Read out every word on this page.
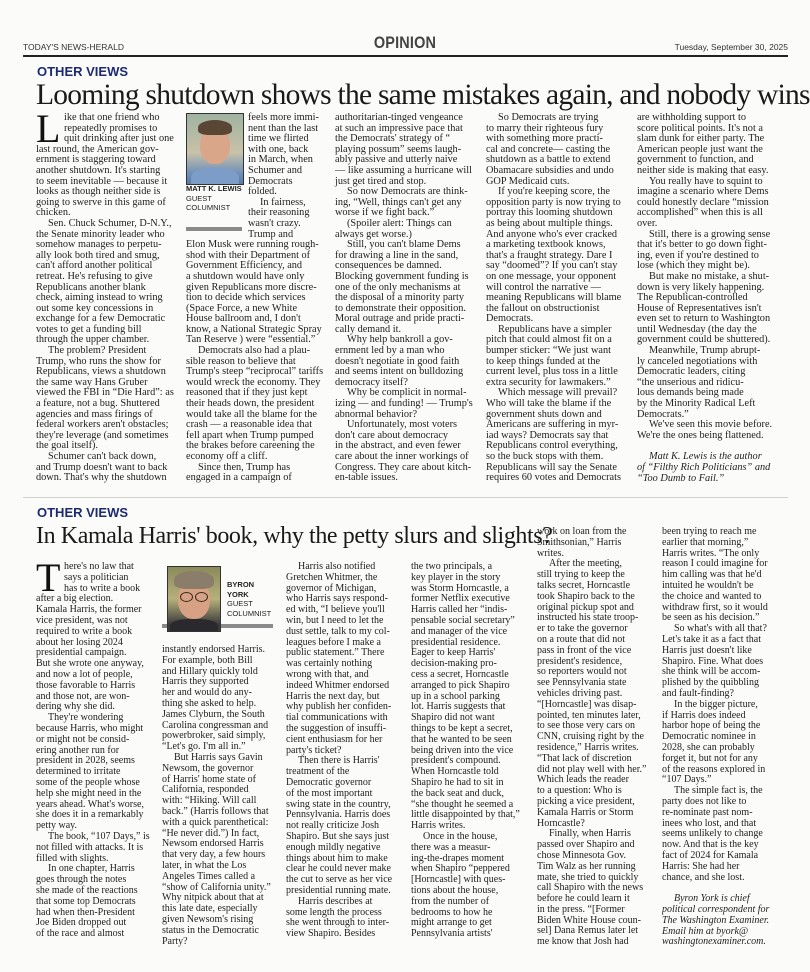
TODAY'S NEWS-HERALD	OPINION	Tuesday, September 30, 2025
OTHER VIEWS
Looming shutdown shows the same mistakes again, and nobody wins
MATT K. LEWIS
GUEST
COLUMNIST
L ike that one friend who
repeatedly promises to
quit drinking after just one
last round, the American gov-
ernment is staggering toward
another shutdown. It's starting
to seem inevitable — because it
looks as though neither side is
going to swerve in this game of
chicken.
Sen. Chuck Schumer, D-N.Y.,
the Senate minority leader who
somehow manages to perpetu-
ally look both tired and smug,
can't afford another political
retreat. He's refusing to give
Republicans another blank
check, aiming instead to wring
out some key concessions in
exchange for a few Democratic
votes to get a funding bill
through the upper chamber.
The problem? President
Trump, who runs the show for
Republicans, views a shutdown
the same way Hans Gruber
viewed the FBI in “Die Hard”: as
a feature, not a bug. Shuttered
agencies and mass firings of
federal workers aren't obstacles;
they're leverage (and sometimes
the goal itself).
Schumer can't back down,
and Trump doesn't want to back
down. That's why the shutdown
feels more immi-
nent than the last
time we flirted
with one, back
in March, when
Schumer and
Democrats
folded.
In fairness,
their reasoning
wasn't crazy.
Trump and
Elon Musk were running rough-
shod with their Department of
Government Efficiency, and
a shutdown would have only
given Republicans more discre-
tion to decide which services
(Space Force, a new White
House ballroom and, I don't
know, a National Strategic Spray
Tan Reserve ) were “essential.”
Democrats also had a plau-
sible reason to believe that
Trump's steep “reciprocal” tariffs
would wreck the economy. They
reasoned that if they just kept
their heads down, the president
would take all the blame for the
crash — a reasonable idea that
fell apart when Trump pumped
the brakes before careening the
economy off a cliff.
Since then, Trump has
engaged in a campaign of
authoritarian-tinged vengeance
at such an impressive pace that
the Democrats' strategy of “
playing possum” seems laugh-
ably passive and utterly naive
— like assuming a hurricane will
just get tired and stop.
So now Democrats are think-
ing, “Well, things can't get any
worse if we fight back.”
(Spoiler alert: Things can
always get worse.)
Still, you can't blame Dems
for drawing a line in the sand,
consequences be damned.
Blocking government funding is
one of the only mechanisms at
the disposal of a minority party
to demonstrate their opposition.
Moral outrage and pride practi-
cally demand it.
Why help bankroll a gov-
ernment led by a man who
doesn't negotiate in good faith
and seems intent on bulldozing
democracy itself?
Why be complicit in normal-
izing — and funding! — Trump's
abnormal behavior?
Unfortunately, most voters
don't care about democracy
in the abstract, and even fewer
care about the inner workings of
Congress. They care about kitch-
en-table issues.
So Democrats are trying
to marry their righteous fury
with something more practi-
cal and concrete— casting the
shutdown as a battle to extend
Obamacare subsidies and undo
GOP Medicaid cuts.
If you're keeping score, the
opposition party is now trying to
portray this looming shutdown
as being about multiple things.
And anyone who's ever cracked
a marketing textbook knows,
that's a fraught strategy. Dare I
say “doomed”? If you can't stay
on one message, your opponent
will control the narrative —
meaning Republicans will blame
the fallout on obstructionist
Democrats.
Republicans have a simpler
pitch that could almost fit on a
bumper sticker: “We just want
to keep things funded at the
current level, plus toss in a little
extra security for lawmakers.”
Which message will prevail?
Who will take the blame if the
government shuts down and
Americans are suffering in myr-
iad ways? Democrats say that
Republicans control everything,
so the buck stops with them.
Republicans will say the Senate
requires 60 votes and Democrats
are withholding support to
score political points. It's not a
slam dunk for either party. The
American people just want the
government to function, and
neither side is making that easy.
You really have to squint to
imagine a scenario where Dems
could honestly declare “mission
accomplished” when this is all
over.
Still, there is a growing sense
that it's better to go down fight-
ing, even if you're destined to
lose (which they might be).
But make no mistake, a shut-
down is very likely happening.
The Republican-controlled
House of Representatives isn't
even set to return to Washington
until Wednesday (the day the
government could be shuttered).
Meanwhile, Trump abrupt-
ly canceled negotiations with
Democratic leaders, citing
“the unserious and ridicu-
lous demands being made
by the Minority Radical Left
Democrats.”
We've seen this movie before.
We're the ones being flattened.
Matt K. Lewis is the author
of “Filthy Rich Politicians” and
“Too Dumb to Fail.”
OTHER VIEWS
In Kamala Harris' book, why the petty slurs and slights?
BYRON
YORK
GUEST
COLUMNIST
T here's no law that
says a politician
has to write a book
after a big election.
Kamala Harris, the former
vice president, was not
required to write a book
about her losing 2024
presidential campaign.
But she wrote one anyway,
and now a lot of people,
those favorable to Harris
and those not, are won-
dering why she did.
They're wondering
because Harris, who might
or might not be consid-
ering another run for
president in 2028, seems
determined to irritate
some of the people whose
help she might need in the
years ahead. What's worse,
she does it in a remarkably
petty way.
The book, “107 Days,” is
not filled with attacks. It is
filled with slights.
In one chapter, Harris
goes through the notes
she made of the reactions
that some top Democrats
had when then-President
Joe Biden dropped out
of the race and almost
instantly endorsed Harris.
For example, both Bill
and Hillary quickly told
Harris they supported
her and would do any-
thing she asked to help.
James Clyburn, the South
Carolina congressman and
powerbroker, said simply,
“Let's go. I'm all in.”
But Harris says Gavin
Newsom, the governor
of Harris' home state of
California, responded
with: “Hiking. Will call
back.” (Harris follows that
with a quick parenthetical:
“He never did.”) In fact,
Newsom endorsed Harris
that very day, a few hours
later, in what the Los
Angeles Times called a
“show of California unity.”
Why nitpick about that at
this late date, especially
given Newsom's rising
status in the Democratic
Party?
Harris also notified
Gretchen Whitmer, the
governor of Michigan,
who Harris says respond-
ed with, “I believe you'll
win, but I need to let the
dust settle, talk to my col-
leagues before I make a
public statement.” There
was certainly nothing
wrong with that, and
indeed Whitmer endorsed
Harris the next day, but
why publish her confiden-
tial communications with
the suggestion of insuffi-
cient enthusiasm for her
party's ticket?
Then there is Harris'
treatment of the
Democratic governor
of the most important
swing state in the country,
Pennsylvania. Harris does
not really criticize Josh
Shapiro. But she says just
enough mildly negative
things about him to make
clear he could never make
the cut to serve as her vice
presidential running mate.
Harris describes at
some length the process
she went through to inter-
view Shapiro. Besides
the two principals, a
key player in the story
was Storm Horncastle, a
former Netflix executive
Harris called her “indis-
pensable social secretary”
and manager of the vice
presidential residence.
Eager to keep Harris'
decision-making pro-
cess a secret, Horncastle
arranged to pick Shapiro
up in a school parking
lot. Harris suggests that
Shapiro did not want
things to be kept a secret,
that he wanted to be seen
being driven into the vice
president's compound.
When Horncastle told
Shapiro he had to sit in
the back seat and duck,
“she thought he seemed a
little disappointed by that,”
Harris writes.
Once in the house,
there was a measur-
ing-the-drapes moment
when Shapiro “peppered
[Horncastle] with ques-
tions about the house,
from the number of
bedrooms to how he
might arrange to get
Pennsylvania artists'
work on loan from the
Smithsonian,” Harris
writes.
After the meeting,
still trying to keep the
talks secret, Horncastle
took Shapiro back to the
original pickup spot and
instructed his state troop-
er to take the governor
on a route that did not
pass in front of the vice
president's residence,
so reporters would not
see Pennsylvania state
vehicles driving past.
“[Horncastle] was disap-
pointed, ten minutes later,
to see those very cars on
CNN, cruising right by the
residence,” Harris writes.
“That lack of discretion
did not play well with her.”
Which leads the reader
to a question: Who is
picking a vice president,
Kamala Harris or Storm
Horncastle?
Finally, when Harris
passed over Shapiro and
chose Minnesota Gov.
Tim Walz as her running
mate, she tried to quickly
call Shapiro with the news
before he could learn it
in the press. “[Former
Biden White House coun-
sel] Dana Remus later let
me know that Josh had
been trying to reach me
earlier that morning,”
Harris writes. “The only
reason I could imagine for
him calling was that he'd
intuited he wouldn't be
the choice and wanted to
withdraw first, so it would
be seen as his decision.”
So what's with all that?
Let's take it as a fact that
Harris just doesn't like
Shapiro. Fine. What does
she think will be accom-
plished by the quibbling
and fault-finding?
In the bigger picture,
if Harris does indeed
harbor hope of being the
Democratic nominee in
2028, she can probably
forget it, but not for any
of the reasons explored in
“107 Days.”
The simple fact is, the
party does not like to
re-nominate past nom-
inees who lost, and that
seems unlikely to change
now. And that is the key
fact of 2024 for Kamala
Harris: She had her
chance, and she lost.
Byron York is chief
political correspondent for
The Washington Examiner.
Email him at byork@
washingtonexaminer.com.
